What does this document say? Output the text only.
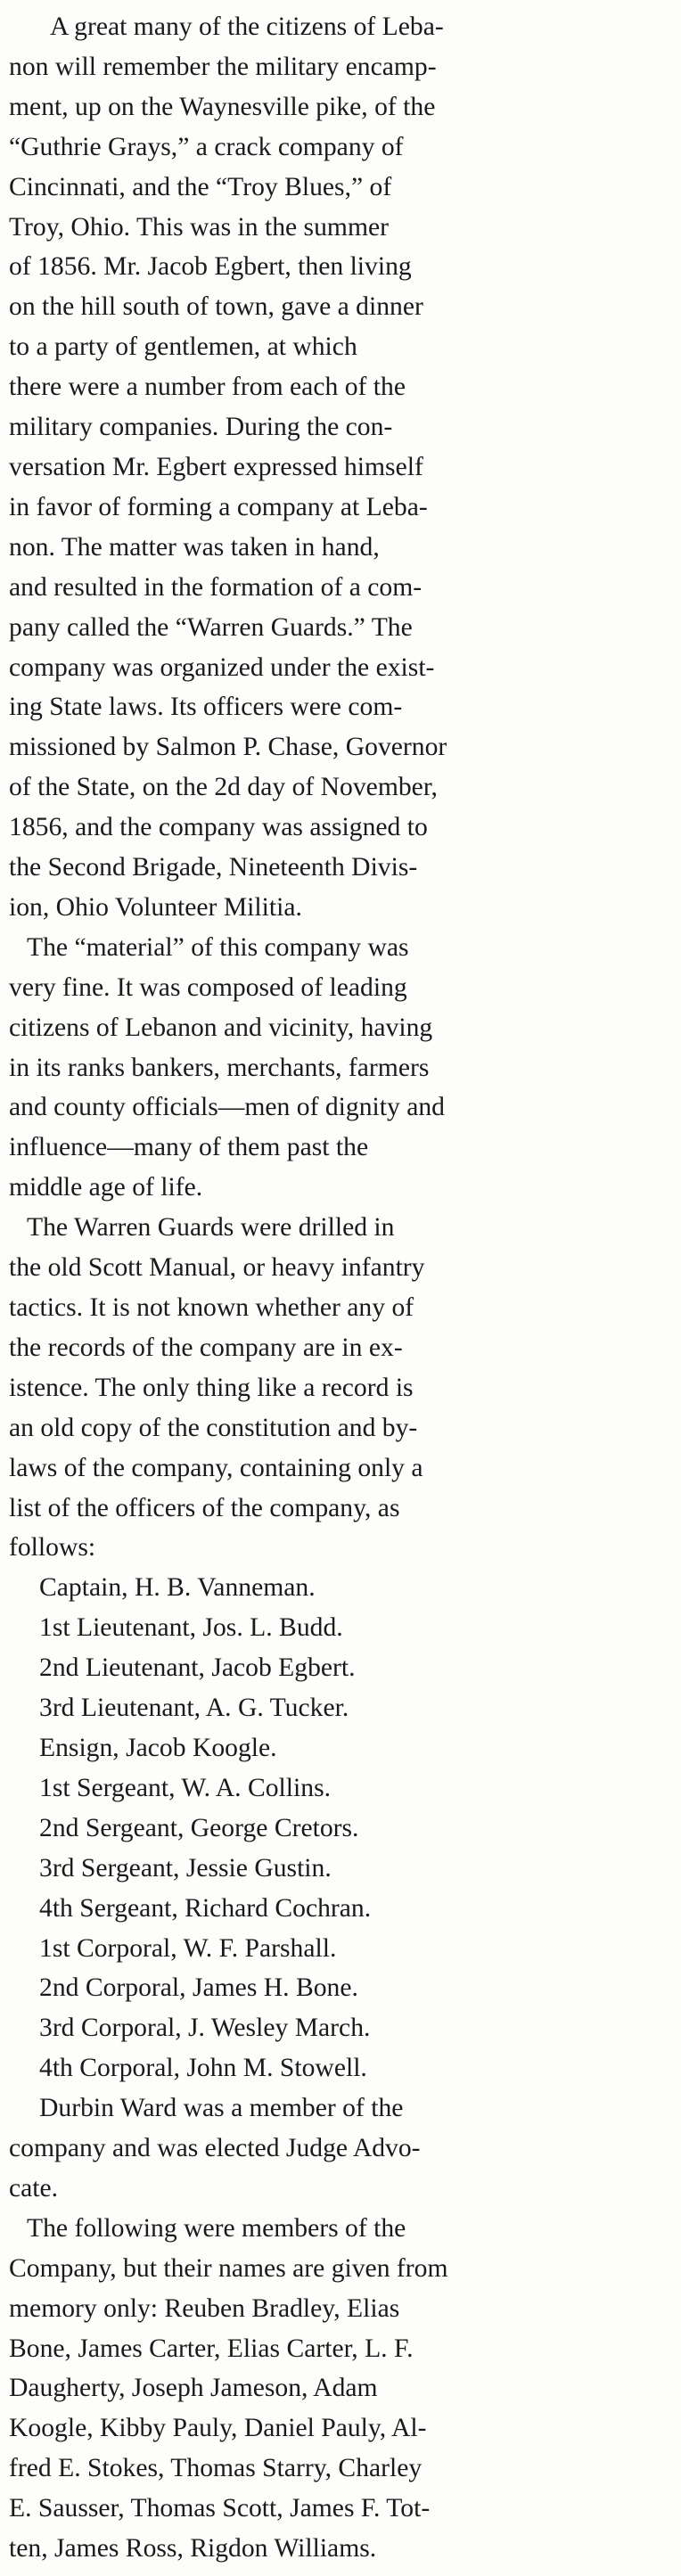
A great many of the citizens of Leba-
non will remember the military encamp-
ment, up on the Waynesville pike, of the
“Guthrie Grays,” a crack company of
Cincinnati, and the “Troy Blues,” of
Troy, Ohio. This was in the summer
of 1856. Mr. Jacob Egbert, then living
on the hill south of town, gave a dinner
to a party of gentlemen, at which
there were a number from each of the
military companies. During the con-
versation Mr. Egbert expressed himself
in favor of forming a company at Leba-
non. The matter was taken in hand,
and resulted in the formation of a com-
pany called the “Warren Guards.” The
company was organized under the exist-
ing State laws. Its officers were com-
missioned by Salmon P. Chase, Governor
of the State, on the 2d day of November,
1856, and the company was assigned to
the Second Brigade, Nineteenth Divis-
ion, Ohio Volunteer Militia.
The “material” of this company was
very fine. It was composed of leading
citizens of Lebanon and vicinity, having
in its ranks bankers, merchants, farmers
and county officials—men of dignity and
influence—many of them past the
middle age of life.
The Warren Guards were drilled in
the old Scott Manual, or heavy infantry
tactics. It is not known whether any of
the records of the company are in ex-
istence. The only thing like a record is
an old copy of the constitution and by-
laws of the company, containing only a
list of the officers of the company, as
follows:
Captain, H. B. Vanneman.
1st Lieutenant, Jos. L. Budd.
2nd Lieutenant, Jacob Egbert.
3rd Lieutenant, A. G. Tucker.
Ensign, Jacob Koogle.
1st Sergeant, W. A. Collins.
2nd Sergeant, George Cretors.
3rd Sergeant, Jessie Gustin.
4th Sergeant, Richard Cochran.
1st Corporal, W. F. Parshall.
2nd Corporal, James H. Bone.
3rd Corporal, J. Wesley March.
4th Corporal, John M. Stowell.
Durbin Ward was a member of the
company and was elected Judge Advo-
cate.
The following were members of the
Company, but their names are given from
memory only: Reuben Bradley, Elias
Bone, James Carter, Elias Carter, L. F.
Daugherty, Joseph Jameson, Adam
Koogle, Kibby Pauly, Daniel Pauly, Al-
fred E. Stokes, Thomas Starry, Charley
E. Sausser, Thomas Scott, James F. Tot-
ten, James Ross, Rigdon Williams.
